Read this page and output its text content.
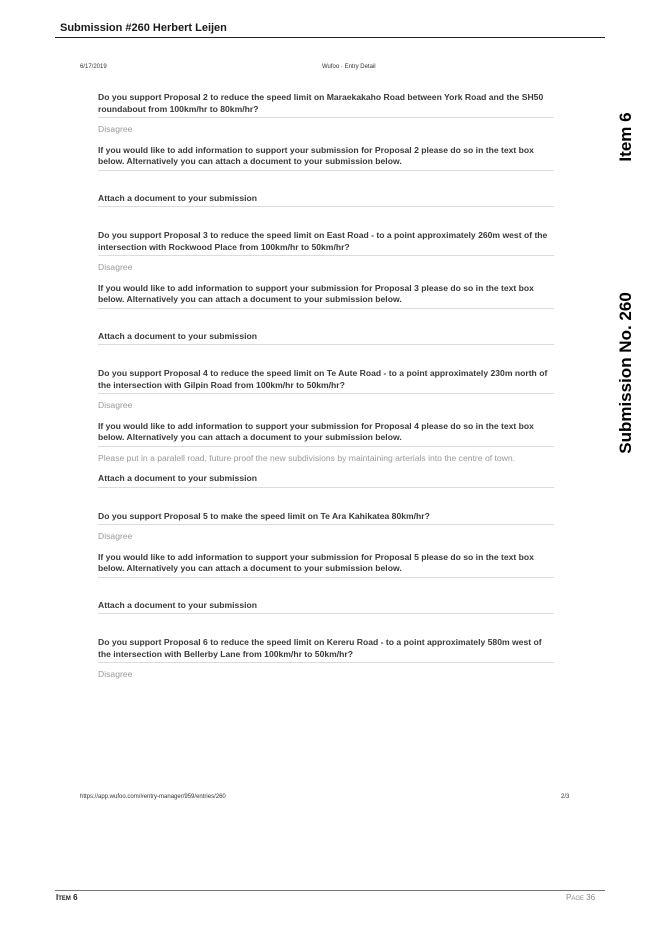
Submission #260 Herbert Leijen
6/17/2019	Wufoo · Entry Detail
Item 6
Submission No. 260
Do you support Proposal 2 to reduce the speed limit on Maraekakaho Road between York Road and the SH50 roundabout from 100km/hr to 80km/hr?
Disagree
If you would like to add information to support your submission for Proposal 2 please do so in the text box below. Alternatively you can attach a document to your submission below.
Attach a document to your submission
Do you support Proposal 3 to reduce the speed limit on East Road - to a point approximately 260m west of the intersection with Rockwood Place from 100km/hr to 50km/hr?
Disagree
If you would like to add information to support your submission for Proposal 3 please do so in the text box below. Alternatively you can attach a document to your submission below.
Attach a document to your submission
Do you support Proposal 4 to reduce the speed limit on Te Aute Road - to a point approximately 230m north of the intersection with Gilpin Road from 100km/hr to 50km/hr?
Disagree
If you would like to add information to support your submission for Proposal 4 please do so in the text box below. Alternatively you can attach a document to your submission below.
Please put in a paralell road, future proof the new subdivisions by maintaining arterials into the centre of town.
Attach a document to your submission
Do you support Proposal 5 to make the speed limit on Te Ara Kahikatea 80km/hr?
Disagree
If you would like to add information to support your submission for Proposal 5 please do so in the text box below. Alternatively you can attach a document to your submission below.
Attach a document to your submission
Do you support Proposal 6 to reduce the speed limit on Kereru Road - to a point approximately 580m west of the intersection with Bellerby Lane from 100km/hr to 50km/hr?
Disagree
https://app.wufoo.com/#entry-manager/959/entries/260	2/3
Item 6	Page 36
